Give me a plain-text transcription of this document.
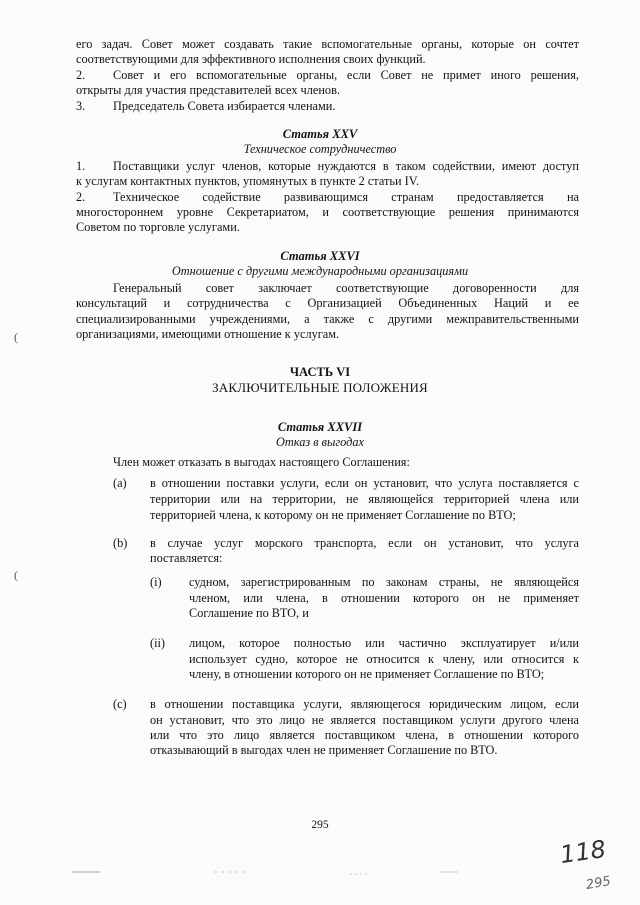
его задач. Совет может создавать такие вспомогательные органы, которые он сочтет
соответствующими для эффективного исполнения своих функций.
2. Совет и его вспомогательные органы, если Совет не примет иного решения,
открыты для участия представителей всех членов.
3. Председатель Совета избирается членами.
Статья XXV
Техническое сотрудничество
1. Поставщики услуг членов, которые нуждаются в таком содействии, имеют доступ
к услугам контактных пунктов, упомянутых в пункте 2 статьи IV.
2. Техническое содействие развивающимся странам предоставляется на
многостороннем уровне Секретариатом, и соответствующие решения принимаются
Советом по торговле услугами.
Статья XXVI
Отношение с другими международными организациями
Генеральный совет заключает соответствующие договоренности для
консультаций и сотрудничества с Организацией Объединенных Наций и ее
специализированными учреждениями, а также с другими межправительственными
организациями, имеющими отношение к услугам.
ЧАСТЬ VI
ЗАКЛЮЧИТЕЛЬНЫЕ ПОЛОЖЕНИЯ
Статья XXVII
Отказ в выгодах
Член может отказать в выгодах настоящего Соглашения:
(a) в отношении поставки услуги, если он установит, что услуга поставляется с
территории или на территории, не являющейся территорией члена или
территорией члена, к которому он не применяет Соглашение по ВТО;
(b) в случае услуг морского транспорта, если он установит, что услуга
поставляется:
(i) судном, зарегистрированным по законам страны, не являющейся
членом, или члена, в отношении которого он не применяет
Соглашение по ВТО, и
(ii) лицом, которое полностью или частично эксплуатирует и/или
использует судно, которое не относится к члену, или относится к
члену, в отношении которого он не применяет Соглашение по ВТО;
(c) в отношении поставщика услуги, являющегося юридическим лицом, если
он установит, что это лицо не является поставщиком услуги другого члена
или что это лицо является поставщиком члена, в отношении которого
отказывающий в выгодах член не применяет Соглашение по ВТО.
295
(
(
118
295
